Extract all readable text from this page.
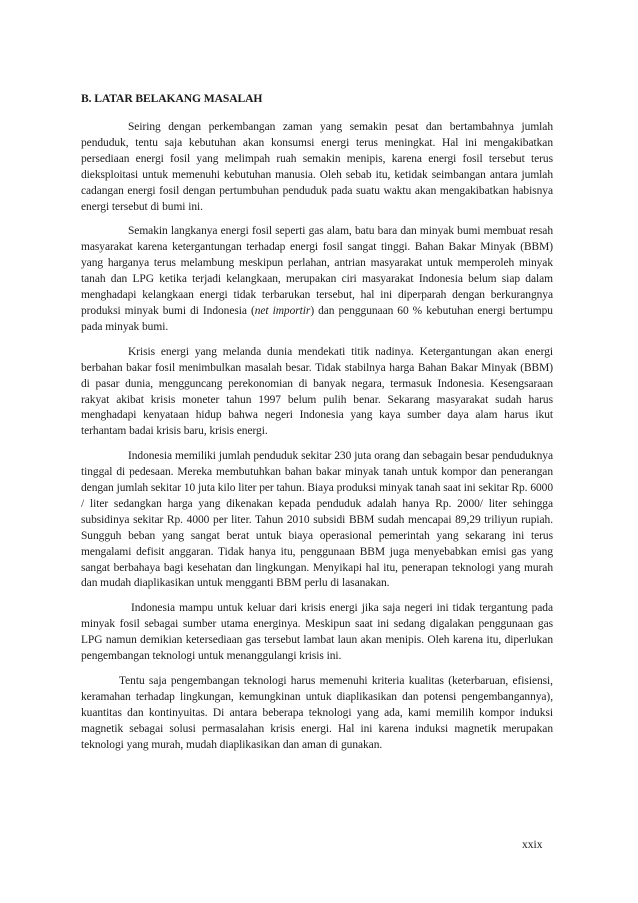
B. LATAR BELAKANG MASALAH

Seiring dengan perkembangan zaman yang semakin pesat dan bertambahnya jumlah penduduk, tentu saja kebutuhan akan konsumsi energi terus meningkat. Hal ini mengakibatkan persediaan energi fosil yang melimpah ruah semakin menipis, karena energi fosil tersebut terus dieksploitasi untuk memenuhi kebutuhan manusia. Oleh sebab itu, ketidak seimbangan antara jumlah cadangan energi fosil dengan pertumbuhan penduduk pada suatu waktu akan mengakibatkan habisnya energi tersebut di bumi ini.

Semakin langkanya energi fosil seperti gas alam, batu bara dan minyak bumi membuat resah masyarakat karena ketergantungan terhadap energi fosil sangat tinggi. Bahan Bakar Minyak (BBM) yang harganya terus melambung meskipun perlahan, antrian masyarakat untuk memperoleh minyak tanah dan LPG ketika terjadi kelangkaan, merupakan ciri masyarakat Indonesia belum siap dalam menghadapi kelangkaan energi tidak terbarukan tersebut, hal ini diperparah dengan berkurangnya produksi minyak bumi di Indonesia (net importir) dan penggunaan 60 % kebutuhan energi bertumpu pada minyak bumi.

Krisis energi yang melanda dunia mendekati titik nadinya. Ketergantungan akan energi berbahan bakar fosil menimbulkan masalah besar. Tidak stabilnya harga Bahan Bakar Minyak (BBM) di pasar dunia, mengguncang perekonomian di banyak negara, termasuk Indonesia. Kesengsaraan rakyat akibat krisis moneter tahun 1997 belum pulih benar. Sekarang masyarakat sudah harus menghadapi kenyataan hidup bahwa negeri Indonesia yang kaya sumber daya alam harus ikut terhantam badai krisis baru, krisis energi.

Indonesia memiliki jumlah penduduk sekitar 230 juta orang dan sebagain besar penduduknya tinggal di pedesaan. Mereka membutuhkan bahan bakar minyak tanah untuk kompor dan penerangan dengan jumlah sekitar 10 juta kilo liter per tahun. Biaya produksi minyak tanah saat ini sekitar Rp. 6000 / liter sedangkan harga yang dikenakan kepada penduduk adalah hanya Rp. 2000/ liter sehingga subsidinya sekitar Rp. 4000 per liter. Tahun 2010 subsidi BBM sudah mencapai 89,29 triliyun rupiah. Sungguh beban yang sangat berat untuk biaya operasional pemerintah yang sekarang ini terus mengalami defisit anggaran. Tidak hanya itu, penggunaan BBM juga menyebabkan emisi gas yang sangat berbahaya bagi kesehatan dan lingkungan. Menyikapi hal itu, penerapan teknologi yang murah dan mudah diaplikasikan untuk mengganti BBM perlu di lasanakan.

Indonesia mampu untuk keluar dari krisis energi jika saja negeri ini tidak tergantung pada minyak fosil sebagai sumber utama energinya. Meskipun saat ini sedang digalakan penggunaan gas LPG namun demikian ketersediaan gas tersebut lambat laun akan menipis. Oleh karena itu, diperlukan pengembangan teknologi untuk menanggulangi krisis ini.

Tentu saja pengembangan teknologi harus memenuhi kriteria kualitas (keterbaruan, efisiensi, keramahan terhadap lingkungan, kemungkinan untuk diaplikasikan dan potensi pengembangannya), kuantitas dan kontinyuitas. Di antara beberapa teknologi yang ada, kami memilih kompor induksi magnetik sebagai solusi permasalahan krisis energi. Hal ini karena induksi magnetik merupakan teknologi yang murah, mudah diaplikasikan dan aman di gunakan.

xxix
